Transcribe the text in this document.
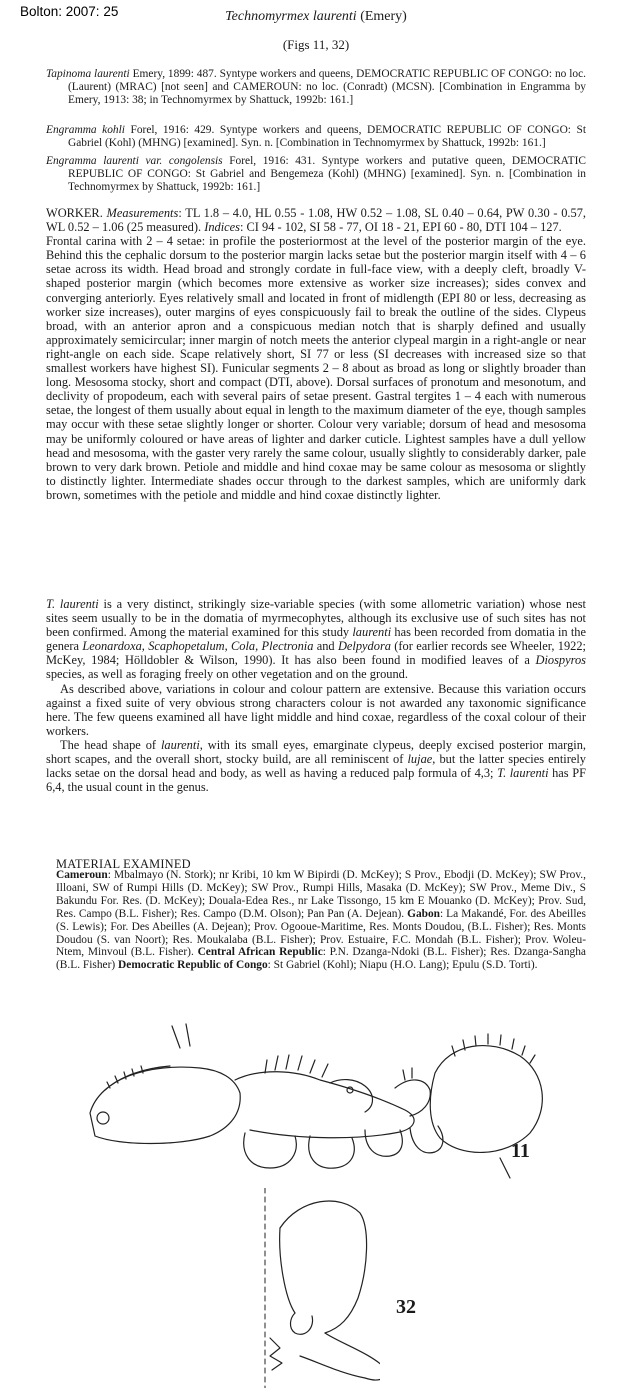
Bolton: 2007: 25	Technomyrmex laurenti (Emery)
(Figs 11, 32)

Tapinoma laurenti Emery, 1899: 487. Syntype workers and queens, DEMOCRATIC REPUBLIC OF CONGO: no loc. (Laurent) (MRAC) [not seen] and CAMEROUN: no loc. (Conradt) (MCSN). [Combination in Engramma by Emery, 1913: 38; in Technomyrmex by Shattuck, 1992b: 161.]

Engramma kohli Forel, 1916: 429. Syntype workers and queens, DEMOCRATIC REPUBLIC OF CONGO: St Gabriel (Kohl) (MHNG) [examined]. Syn. n. [Combination in Technomyrmex by Shattuck, 1992b: 161.]

Engramma laurenti var. congolensis Forel, 1916: 431. Syntype workers and putative queen, DEMOCRATIC REPUBLIC OF CONGO: St Gabriel and Bengemeza (Kohl) (MHNG) [examined]. Syn. n. [Combination in Technomyrmex by Shattuck, 1992b: 161.]

WORKER. Measurements: TL 1.8 – 4.0, HL 0.55 - 1.08, HW 0.52 – 1.08, SL 0.40 – 0.64, PW 0.30 - 0.57, WL 0.52 – 1.06 (25 measured). Indices: CI 94 - 102, SI 58 - 77, OI 18 - 21, EPI 60 - 80, DTI 104 – 127.

Frontal carina with 2 – 4 setae: in profile the posteriormost at the level of the posterior margin of the eye. Behind this the cephalic dorsum to the posterior margin lacks setae but the posterior margin itself with 4 – 6 setae across its width. Head broad and strongly cordate in full-face view, with a deeply cleft, broadly V-shaped posterior margin (which becomes more extensive as worker size increases); sides convex and converging anteriorly. Eyes relatively small and located in front of midlength (EPI 80 or less, decreasing as worker size increases), outer margins of eyes conspicuously fail to break the outline of the sides. Clypeus broad, with an anterior apron and a conspicuous median notch that is sharply defined and usually approximately semicircular; inner margin of notch meets the anterior clypeal margin in a right-angle or near right-angle on each side. Scape relatively short, SI 77 or less (SI decreases with increased size so that smallest workers have highest SI). Funicular segments 2 – 8 about as broad as long or slightly broader than long. Mesosoma stocky, short and compact (DTI, above). Dorsal surfaces of pronotum and mesonotum, and declivity of propodeum, each with several pairs of setae present. Gastral tergites 1 – 4 each with numerous setae, the longest of them usually about equal in length to the maximum diameter of the eye, though samples may occur with these setae slightly longer or shorter. Colour very variable; dorsum of head and mesosoma may be uniformly coloured or have areas of lighter and darker cuticle. Lightest samples have a dull yellow head and mesosoma, with the gaster very rarely the same colour, usually slightly to considerably darker, pale brown to very dark brown. Petiole and middle and hind coxae may be same colour as mesosoma or slightly to distinctly lighter. Intermediate shades occur through to the darkest samples, which are uniformly dark brown, sometimes with the petiole and middle and hind coxae distinctly lighter.

T. laurenti is a very distinct, strikingly size-variable species (with some allometric variation) whose nest sites seem usually to be in the domatia of myrmecophytes, although its exclusive use of such sites has not been confirmed. Among the material examined for this study laurenti has been recorded from domatia in the genera Leonardoxa, Scaphopetalum, Cola, Plectronia and Delpydora (for earlier records see Wheeler, 1922; McKey, 1984; Hölldobler & Wilson, 1990). It has also been found in modified leaves of a Diospyros species, as well as foraging freely on other vegetation and on the ground.

As described above, variations in colour and colour pattern are extensive. Because this variation occurs against a fixed suite of very obvious strong characters colour is not awarded any taxonomic significance here. The few queens examined all have light middle and hind coxae, regardless of the coxal colour of their workers.

The head shape of laurenti, with its small eyes, emarginate clypeus, deeply excised posterior margin, short scapes, and the overall short, stocky build, are all reminiscent of lujae, but the latter species entirely lacks setae on the dorsal head and body, as well as having a reduced palp formula of 4,3; T. laurenti has PF 6,4, the usual count in the genus.

MATERIAL EXAMINED
Cameroun: Mbalmayo (N. Stork); nr Kribi, 10 km W Bipirdi (D. McKey); S Prov., Ebodji (D. McKey); SW Prov., Illoani, SW of Rumpi Hills (D. McKey); SW Prov., Rumpi Hills, Masaka (D. McKey); SW Prov., Meme Div., S Bakundu For. Res. (D. McKey); Douala-Edea Res., nr Lake Tissongo, 15 km E Mouanko (D. McKey); Prov. Sud, Res. Campo (B.L. Fisher); Res. Campo (D.M. Olson); Pan Pan (A. Dejean). Gabon: La Makandé, For. des Abeilles (S. Lewis); For. Des Abeilles (A. Dejean); Prov. Ogooue-Maritime, Res. Monts Doudou, (B.L. Fisher); Res. Monts Doudou (S. van Noort); Res. Moukalaba (B.L. Fisher); Prov. Estuaire, F.C. Mondah (B.L. Fisher); Prov. Woleu-Ntem, Minvoul (B.L. Fisher). Central African Republic: P.N. Dzanga-Ndoki (B.L. Fisher); Res. Dzanga-Sangha (B.L. Fisher) Democratic Republic of Congo: St Gabriel (Kohl); Niapu (H.O. Lang); Epulu (S.D. Torti).
11
32
